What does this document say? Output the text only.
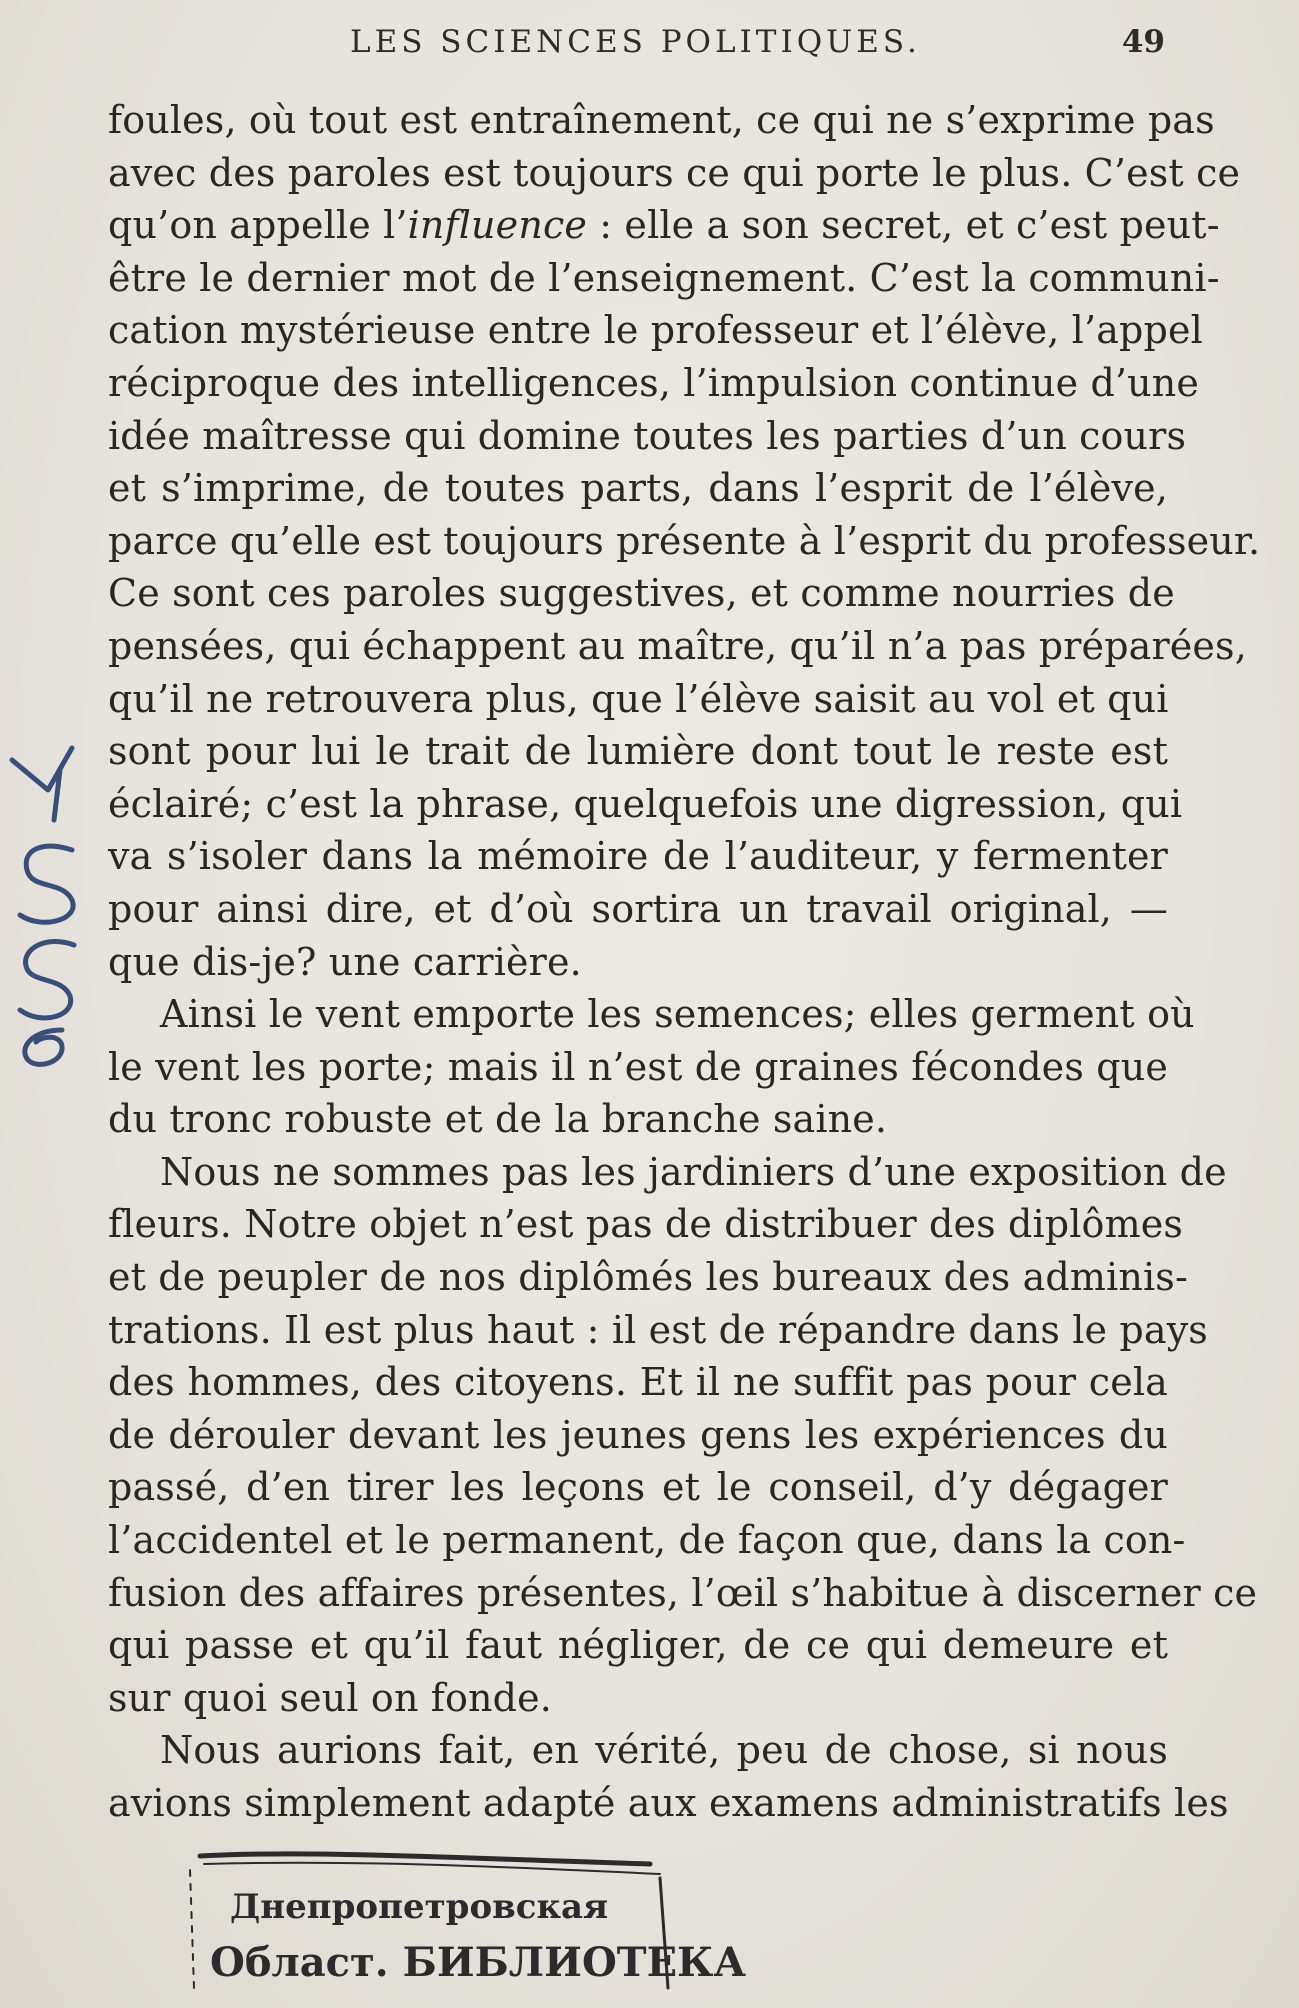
LES SCIENCES POLITIQUES.	49
foules, où tout est entraînement, ce qui ne s’exprime pas
avec des paroles est toujours ce qui porte le plus. C’est ce
qu’on appelle l’influence : elle a son secret, et c’est peut-
être le dernier mot de l’enseignement. C’est la communi-
cation mystérieuse entre le professeur et l’élève, l’appel
réciproque des intelligences, l’impulsion continue d’une
idée maîtresse qui domine toutes les parties d’un cours
et s’imprime, de toutes parts, dans l’esprit de l’élève,
parce qu’elle est toujours présente à l’esprit du professeur.
Ce sont ces paroles suggestives, et comme nourries de
pensées, qui échappent au maître, qu’il n’a pas préparées,
qu’il ne retrouvera plus, que l’élève saisit au vol et qui
sont pour lui le trait de lumière dont tout le reste est
éclairé; c’est la phrase, quelquefois une digression, qui
va s’isoler dans la mémoire de l’auditeur, y fermenter
pour ainsi dire, et d’où sortira un travail original, —
que dis-je? une carrière.
Ainsi le vent emporte les semences; elles germent où
le vent les porte; mais il n’est de graines fécondes que
du tronc robuste et de la branche saine.
Nous ne sommes pas les jardiniers d’une exposition de
fleurs. Notre objet n’est pas de distribuer des diplômes
et de peupler de nos diplômés les bureaux des adminis-
trations. Il est plus haut : il est de répandre dans le pays
des hommes, des citoyens. Et il ne suffit pas pour cela
de dérouler devant les jeunes gens les expériences du
passé, d’en tirer les leçons et le conseil, d’y dégager
l’accidentel et le permanent, de façon que, dans la con-
fusion des affaires présentes, l’œil s’habitue à discerner ce
qui passe et qu’il faut négliger, de ce qui demeure et
sur quoi seul on fonde.
Nous aurions fait, en vérité, peu de chose, si nous
avions simplement adapté aux examens administratifs les
Днепропетровская
Област. БИБЛИОТЕКА
